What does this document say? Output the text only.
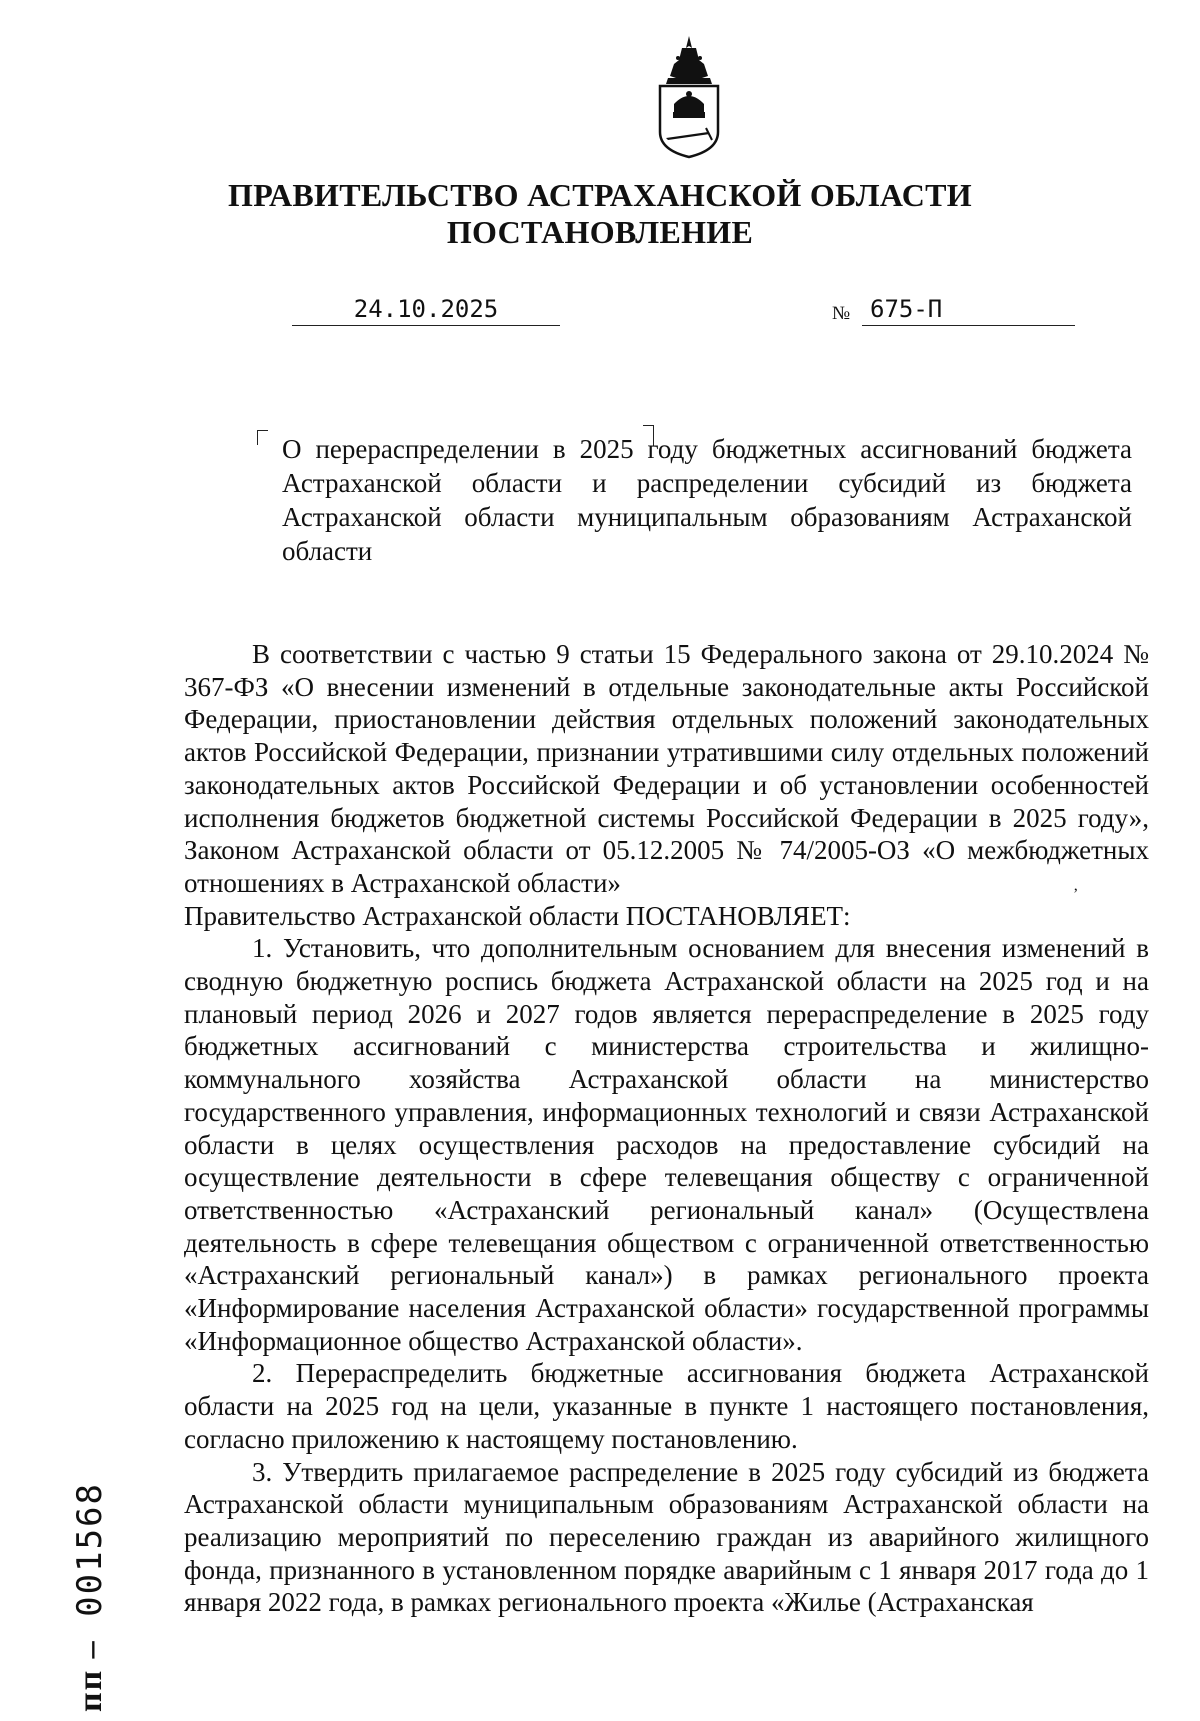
ПРАВИТЕЛЬСТВО АСТРАХАНСКОЙ ОБЛАСТИ
ПОСТАНОВЛЕНИЕ
24.10.2025	№ 675-П
О перераспределении в 2025 году бюджетных ассигнований бюджета Астраханской области и распределении субсидий из бюджета Астраханской области муниципальным образованиям Астраханской области

В соответствии с частью 9 статьи 15 Федерального закона от 29.10.2024 № 367-ФЗ «О внесении изменений в отдельные законодательные акты Российской Федерации, приостановлении действия отдельных положений законодательных актов Российской Федерации, признании утратившими силу отдельных положений законодательных актов Российской Федерации и об установлении особенностей исполнения бюджетов бюджетной системы Российской Федерации в 2025 году», Законом Астраханской области от 05.12.2005 № 74/2005-ОЗ «О межбюджетных отношениях в Астраханской области»

Правительство Астраханской области ПОСТАНОВЛЯЕТ:

1. Установить, что дополнительным основанием для внесения изменений в сводную бюджетную роспись бюджета Астраханской области на 2025 год и на плановый период 2026 и 2027 годов является перераспределение в 2025 году бюджетных ассигнований с министерства строительства и жилищно-коммунального хозяйства Астраханской области на министерство государственного управления, информационных технологий и связи Астраханской области в целях осуществления расходов на предоставление субсидий на осуществление деятельности в сфере телевещания обществу с ограниченной ответственностью «Астраханский региональный канал» (Осуществлена деятельность в сфере телевещания обществом с ограниченной ответственностью «Астраханский региональный канал») в рамках регионального проекта «Информирование населения Астраханской области» государственной программы «Информационное общество Астраханской области».

2. Перераспределить бюджетные ассигнования бюджета Астраханской области на 2025 год на цели, указанные в пункте 1 настоящего постановления, согласно приложению к настоящему постановлению.

3. Утвердить прилагаемое распределение в 2025 году субсидий из бюджета Астраханской области муниципальным образованиям Астраханской области на реализацию мероприятий по переселению граждан из аварийного жилищного фонда, признанного в установленном порядке аварийным с 1 января 2017 года до 1 января 2022 года, в рамках регионального проекта «Жилье (Астраханская

ʼ
пп – 001568
